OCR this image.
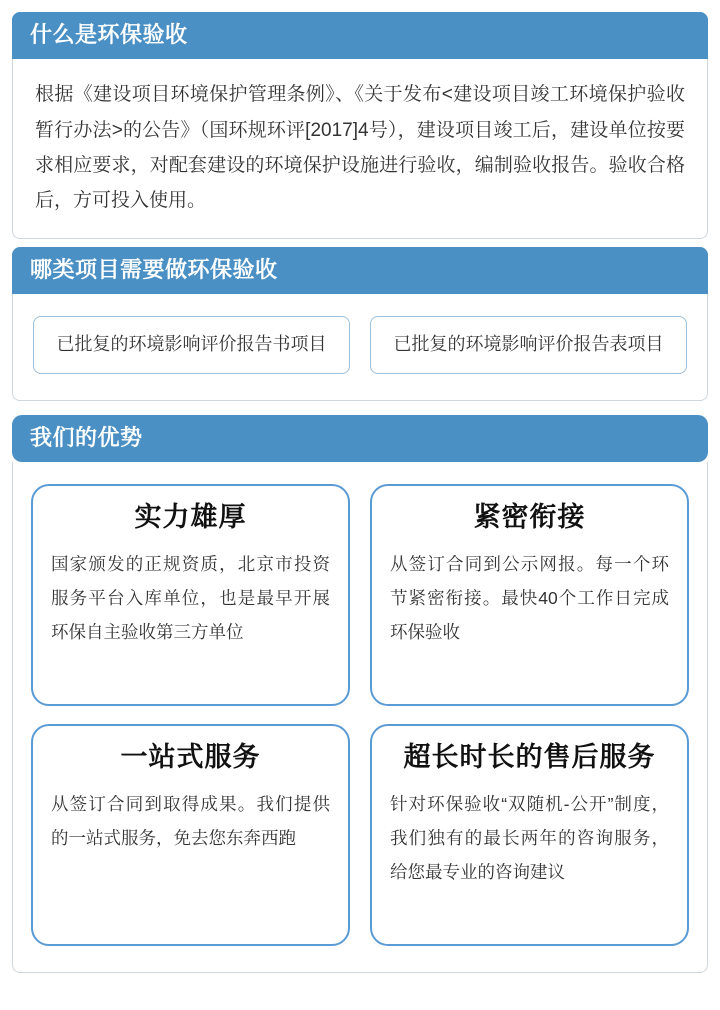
什么是环保验收
根据《建设项目环境保护管理条例》、《关于发布<建设项目竣工环境保护验收暂行办法>的公告》（国环规环评[2017]4号），建设项目竣工后，建设单位按要求相应要求，对配套建设的环境保护设施进行验收，编制验收报告。验收合格后，方可投入使用。
哪类项目需要做环保验收
已批复的环境影响评价报告书项目	已批复的环境影响评价报告表项目
我们的优势
实力雄厚
国家颁发的正规资质，北京市投资服务平台入库单位，也是最早开展环保自主验收第三方单位
紧密衔接
从签订合同到公示网报。每一个环节紧密衔接。最快40个工作日完成环保验收
一站式服务
从签订合同到取得成果。我们提供的一站式服务，免去您东奔西跑
超长时长的售后服务
针对环保验收“双随机-公开”制度，我们独有的最长两年的咨询服务，给您最专业的咨询建议
